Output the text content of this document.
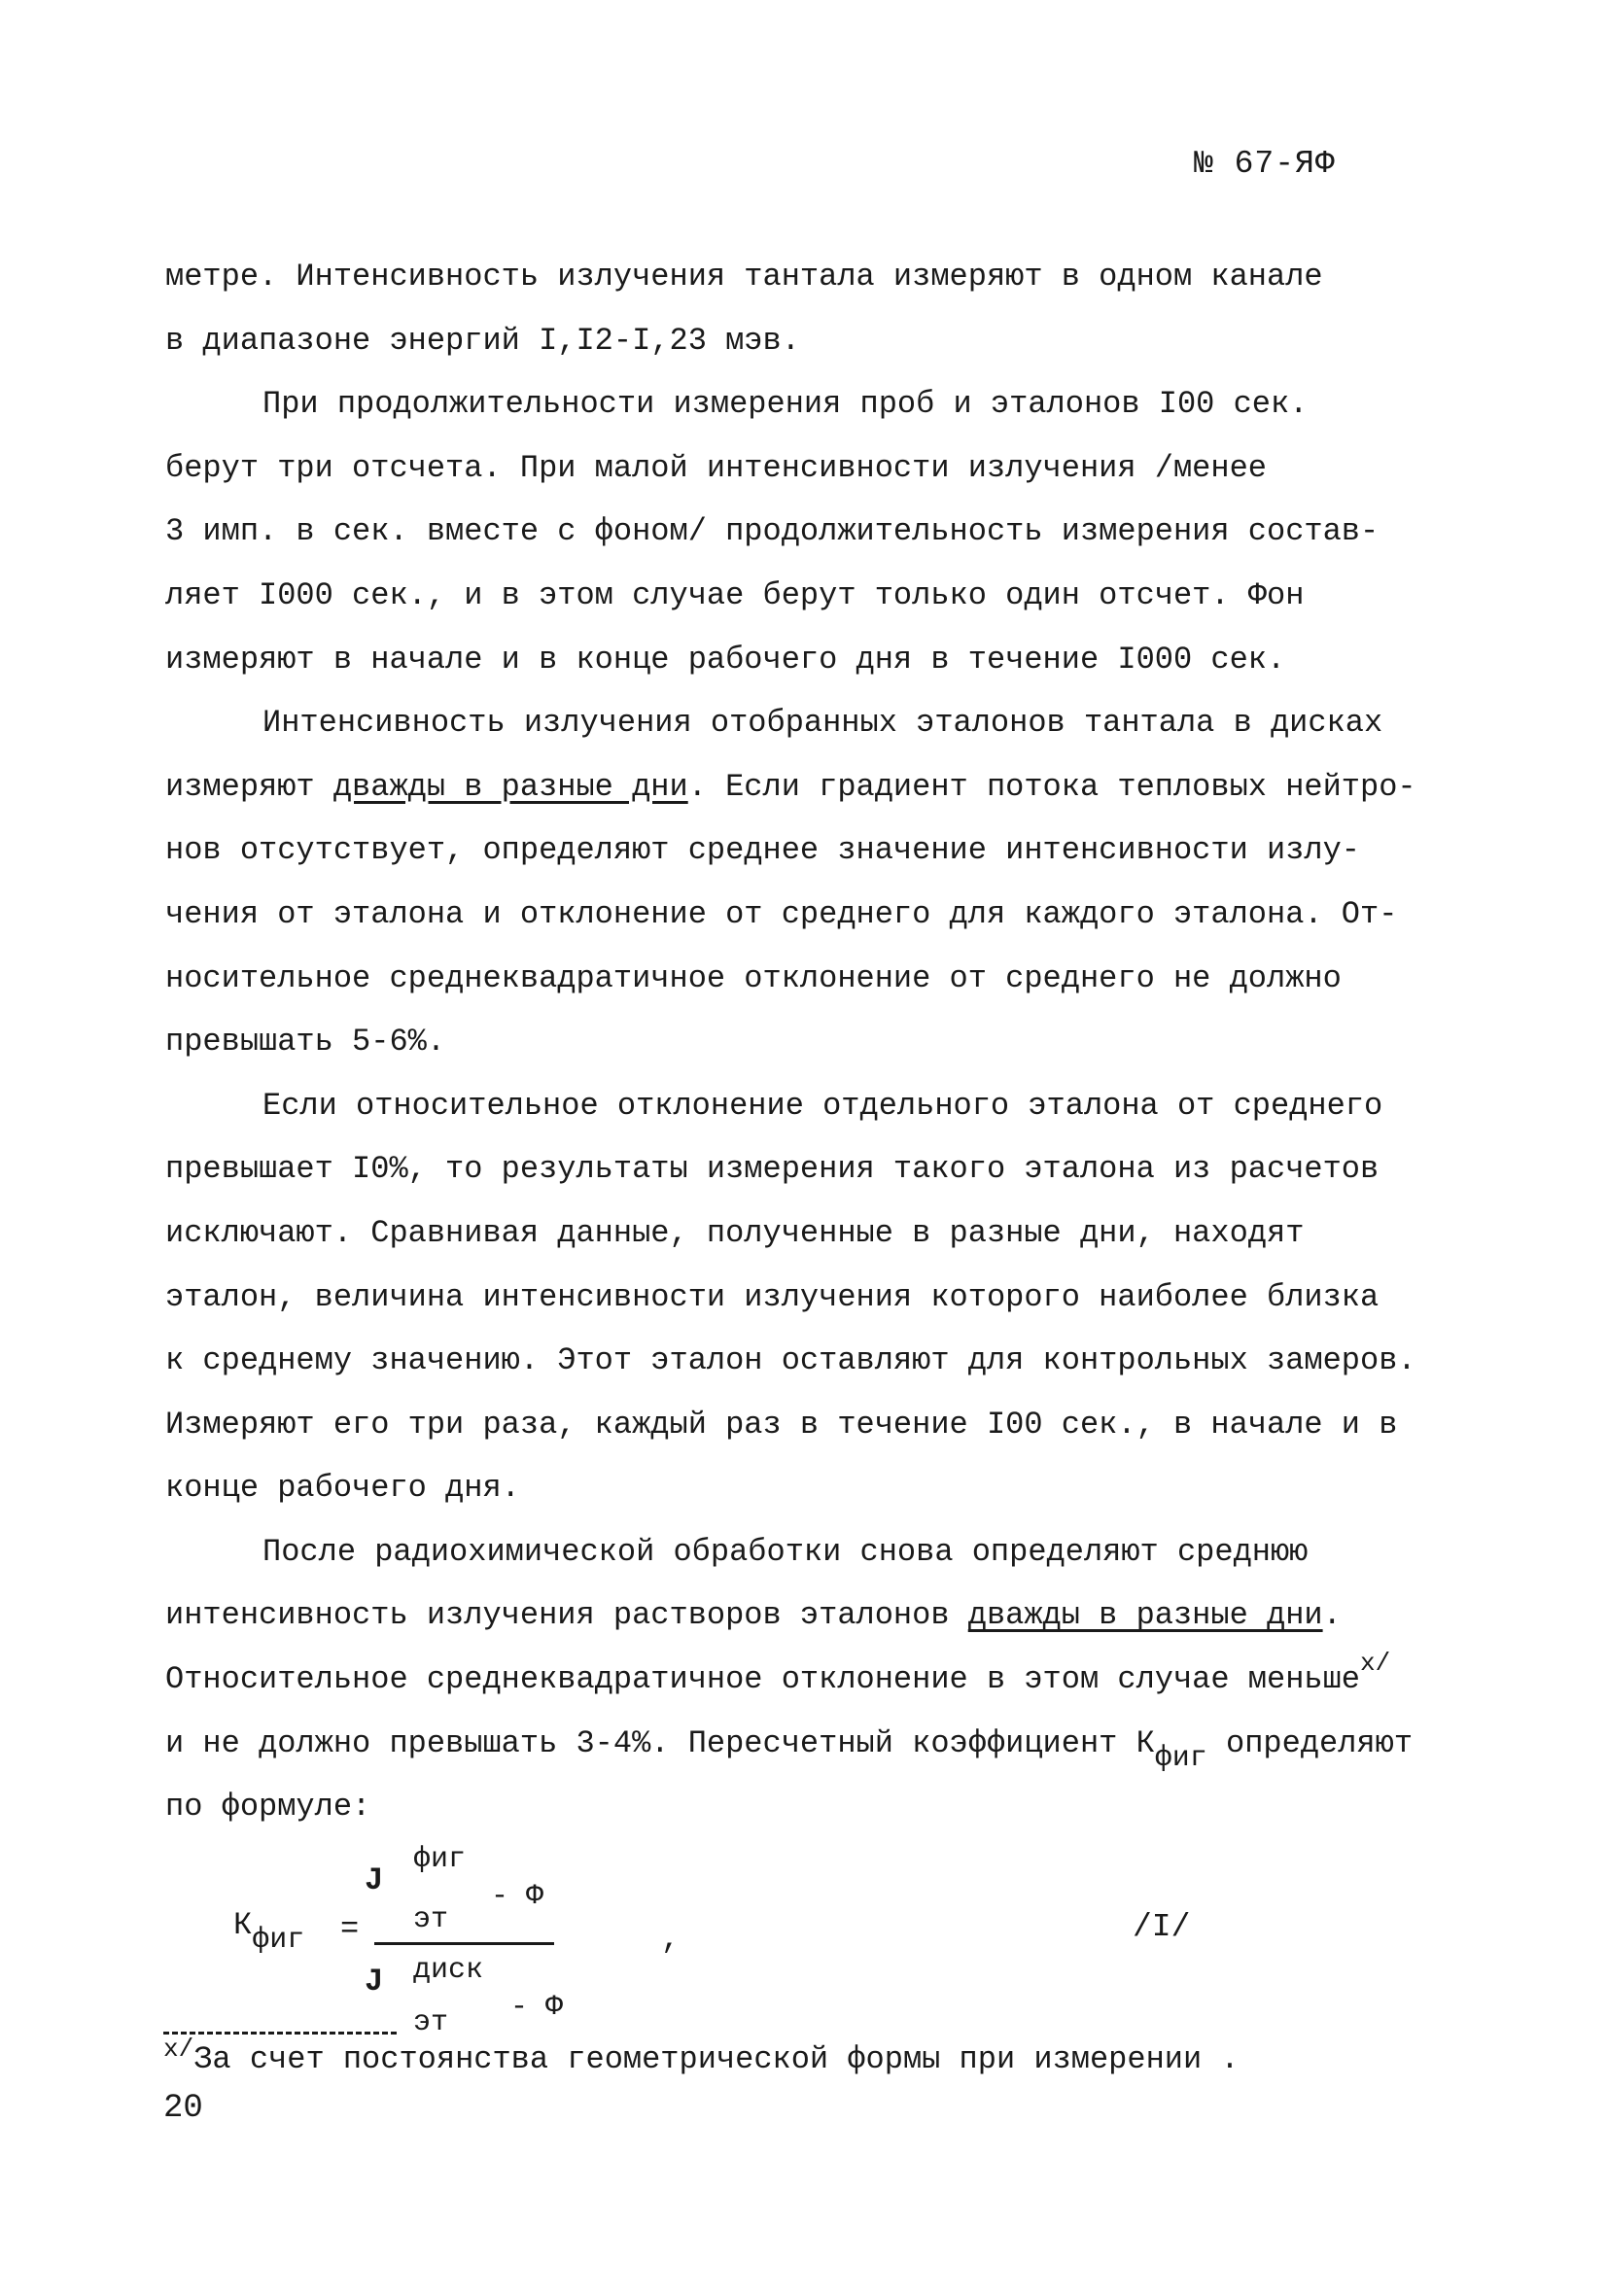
№ 67-ЯФ
метре. Интенсивность излучения тантала измеряют в одном канале
в диапазоне энергий I,I2-I,23 мэв.
При продолжительности измерения проб и эталонов I00 сек.
берут три отсчета. При малой интенсивности излучения /менее
3 имп. в сек. вместе с фоном/ продолжительность измерения состав-
ляет I000 сек., и в этом случае берут только один отсчет. Фон
измеряют в начале и в конце рабочего дня в течение I000 сек.
Интенсивность излучения отобранных эталонов тантала в дисках
измеряют дважды в разные дни. Если градиент потока тепловых нейтро-
нов отсутствует, определяют среднее значение интенсивности излу-
чения от эталона и отклонение от среднего для каждого эталона. От-
носительное среднеквадратичное отклонение от среднего не должно
превышать 5-6%.
Если относительное отклонение отдельного эталона от среднего
превышает I0%, то результаты измерения такого эталона из расчетов
исключают. Сравнивая данные, полученные в разные дни, находят
эталон, величина интенсивности излучения которого наиболее близка
к среднему значению. Этот эталон оставляют для контрольных замеров.
Измеряют его три раза, каждый раз в течение I00 сек., в начале и в
конце рабочего дня.
После радиохимической обработки снова определяют среднюю
интенсивность излучения растворов эталонов дважды в разные дни.
Относительное среднеквадратичное отклонение в этом случае меньше$^{x/}$
и не должно превышать 3-4%. Пересчетный коэффициент $К_{фиг}$ определяют
по формуле:
$К_{фиг}$ =
J
фиг
эт
- Ф
J диск
эт - Ф
,	/I/
$^{x/}$За счет постоянства геометрической формы при измерении .
20
